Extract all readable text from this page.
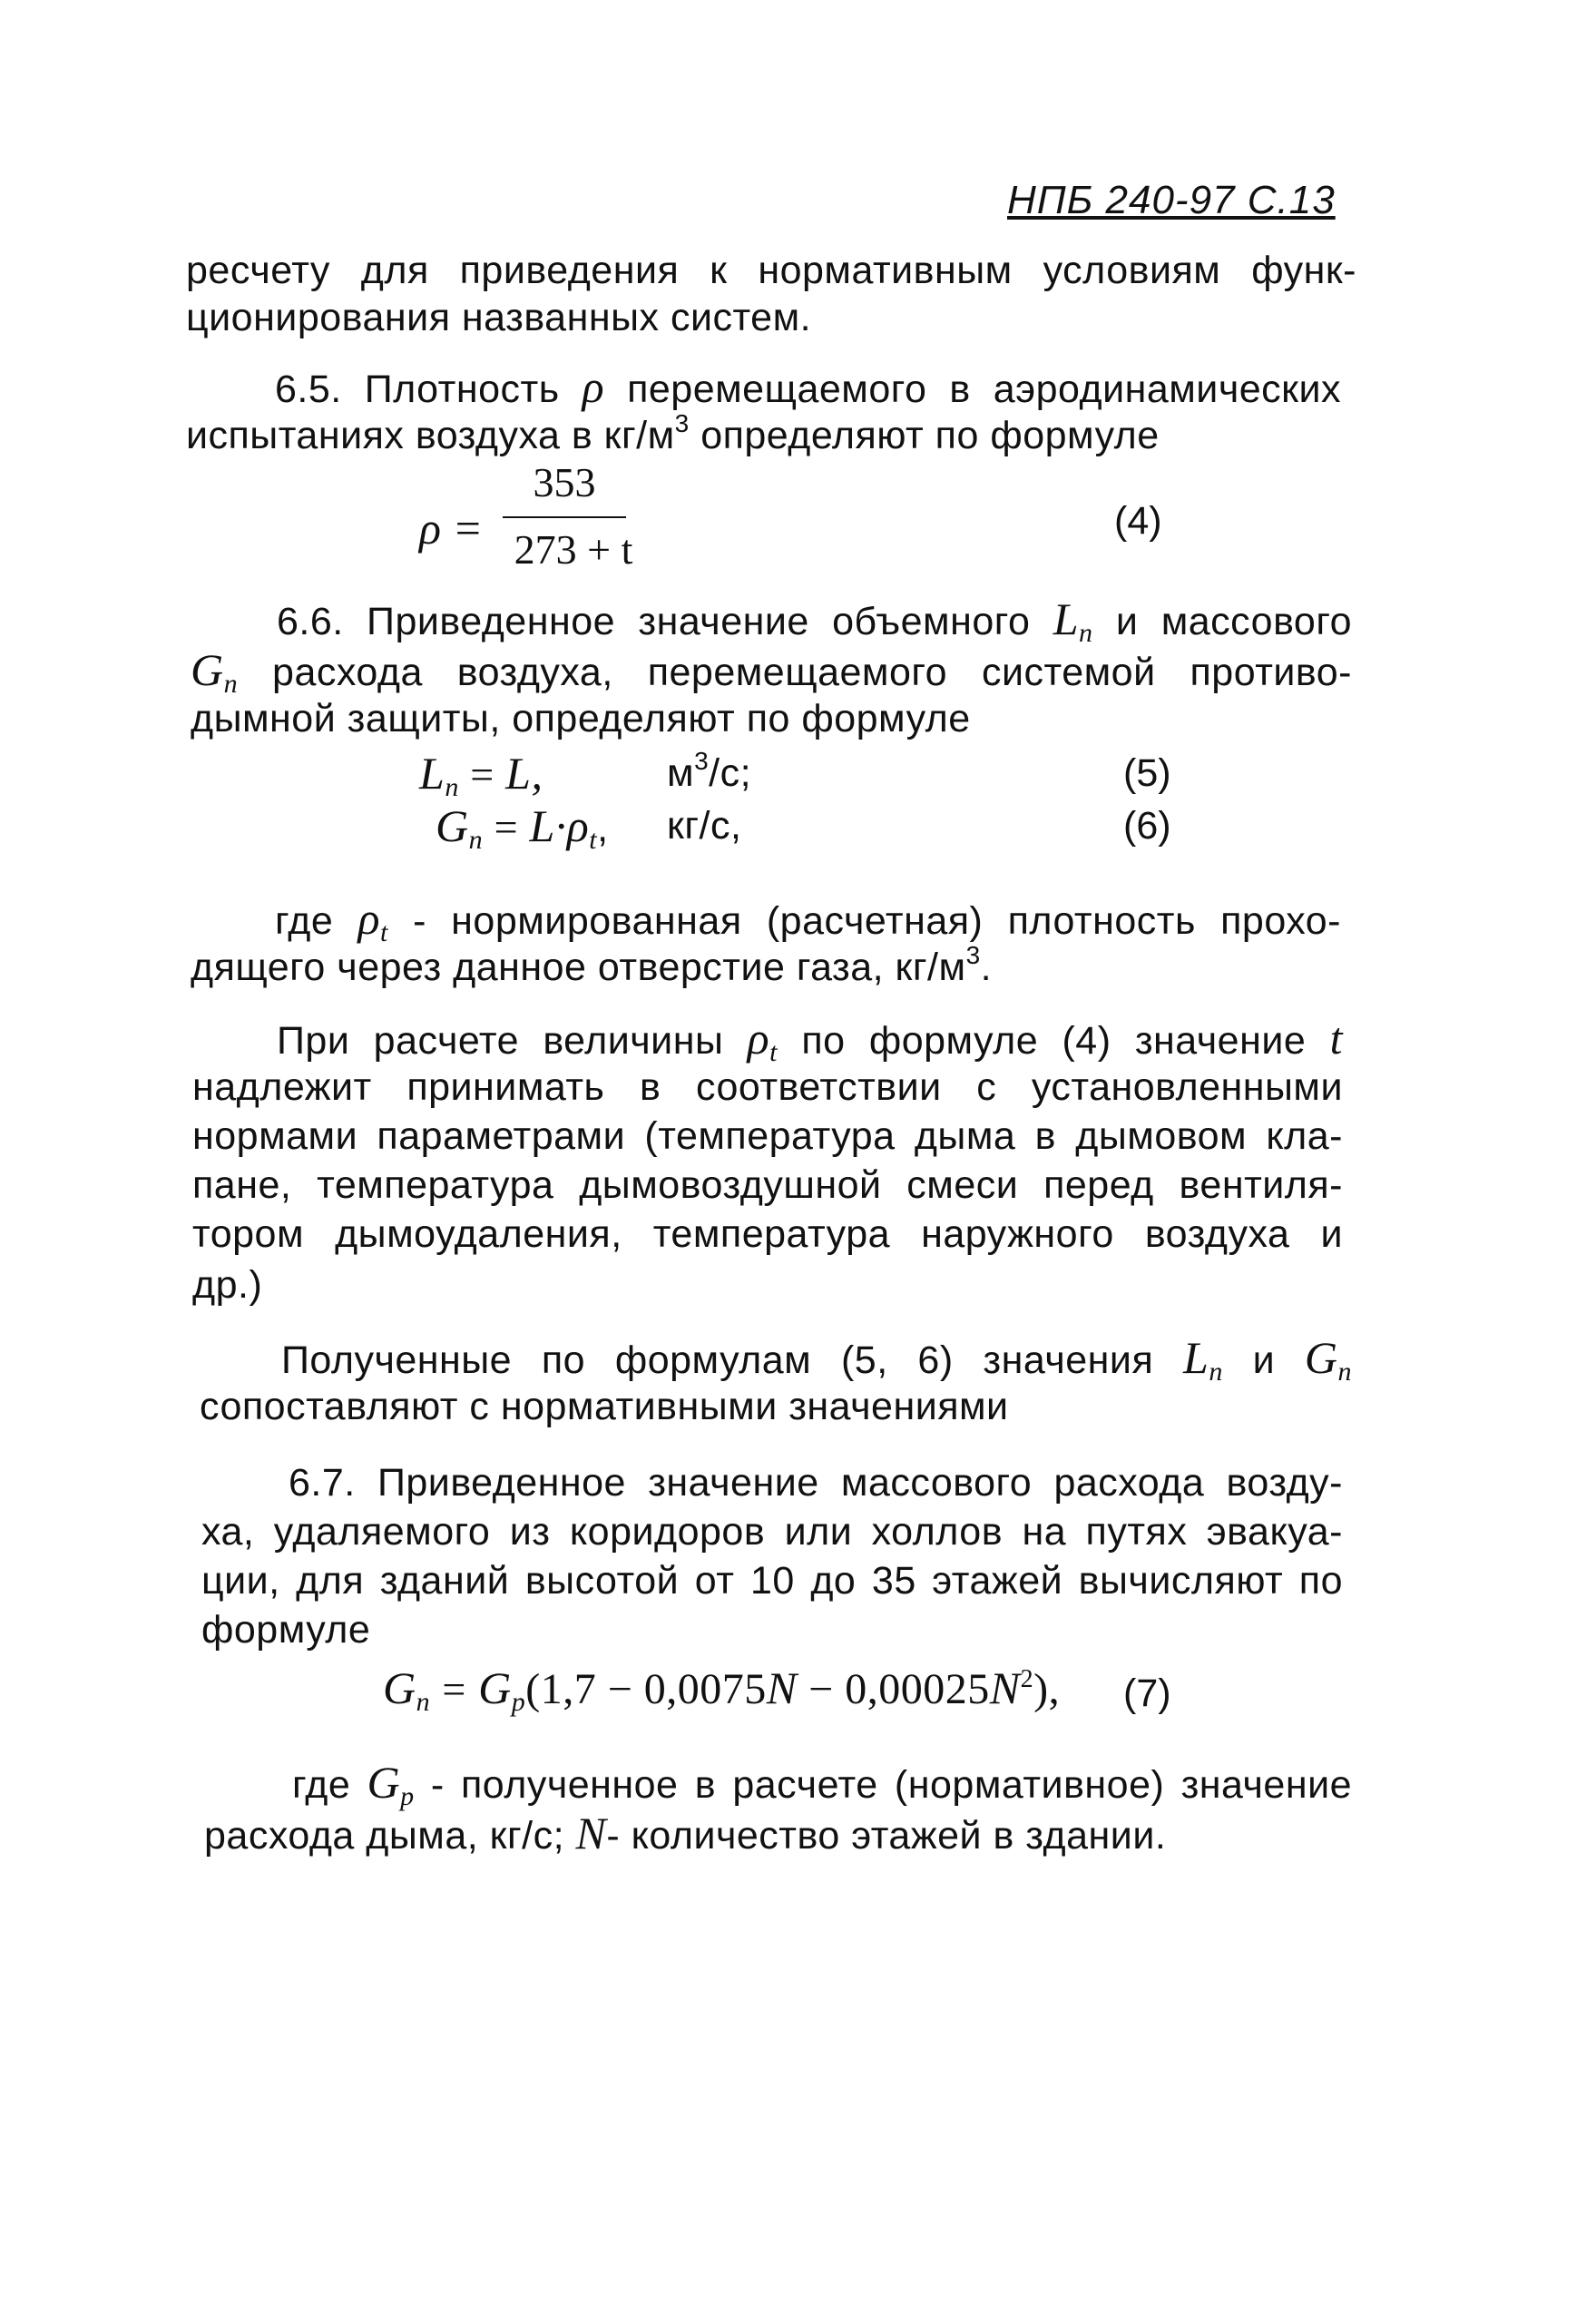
НПБ 240-97 С.13
ресчету для приведения к нормативным условиям функ-
ционирования названных систем.
6.5. Плотность ρ перемещаемого в аэродинамических
испытаниях воздуха в $кг/м^3$ определяют по формуле
ρ =
353
273 + t
(4)
6.6. Приведенное значение объемного Ln и массового
Gn расхода воздуха, перемещаемого системой противо-
дымной защиты, определяют по формуле
Ln = L,	$м^3/с$;	(5)
Gn = L·ρt, кг/с,	(6)
где ρt - нормированная (расчетная) плотность прохо-
дящего через данное отверстие газа, $кг/м^3$.
При расчете величины ρt по формуле (4) значение t
надлежит принимать в соответствии с установленными
нормами параметрами (температура дыма в дымовом кла-
пане, температура дымовоздушной смеси перед вентиля-
тором дымоудаления, температура наружного воздуха и
др.)
Полученные по формулам (5, 6) значения Ln и Gn
сопоставляют с нормативными значениями
6.7. Приведенное значение массового расхода возду-
ха, удаляемого из коридоров или холлов на путях эвакуа-
ции, для зданий высотой от 10 до 35 этажей вычисляют по
формуле
$Gn = Gp(1,7 - 0,0075N - 0,00025N^2)$, (7)
где Gp - полученное в расчете (нормативное) значение
расхода дыма, кг/с; N- количество этажей в здании.
